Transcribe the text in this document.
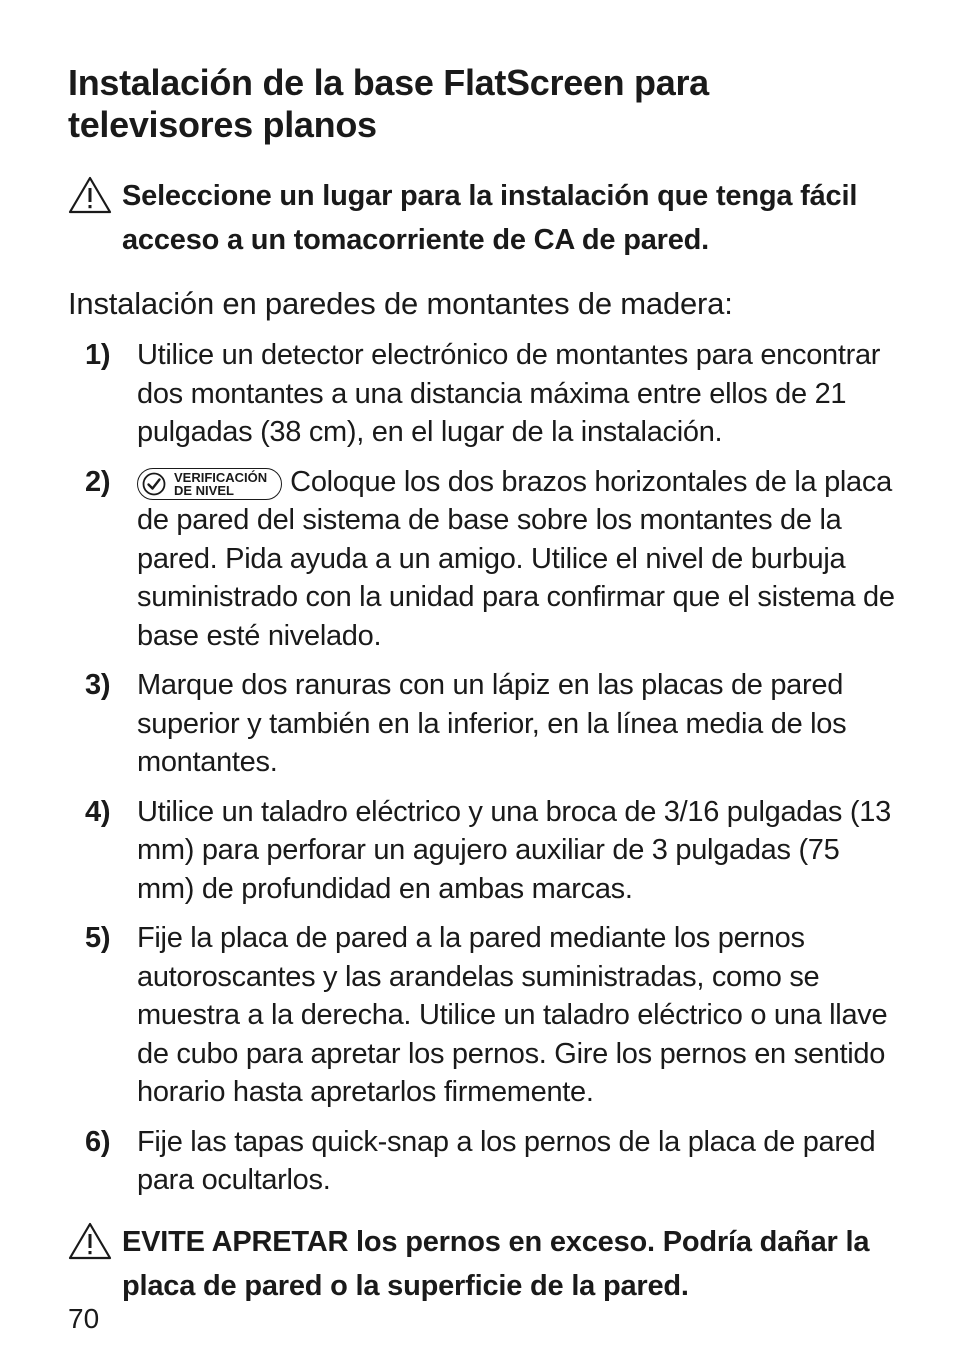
Instalación de la base FlatScreen para televisores planos
Seleccione un lugar para la instalación que tenga fácil acceso a un tomacorriente de CA de pared.
Instalación en paredes de montantes de madera:
1) Utilice un detector electrónico de montantes para encontrar dos montantes a una distancia máxima entre ellos de 21 pulgadas (38 cm), en el lugar de la instalación.
2)	VERIFICACIÓN
DE NIVEL	Coloque los dos brazos horizontales de la placa de pared del sistema de base sobre los montantes de la pared. Pida ayuda a un amigo. Utilice el nivel de burbuja suministrado con la unidad para confirmar que el sistema de base esté nivelado.
3) Marque dos ranuras con un lápiz en las placas de pared superior y también en la inferior, en la línea media de los montantes.
4) Utilice un taladro eléctrico y una broca de 3/16 pulgadas (13 mm) para perforar un agujero auxiliar de 3 pulgadas (75 mm) de profundidad en ambas marcas.
5) Fije la placa de pared a la pared mediante los pernos autoroscantes y las arandelas suministradas, como se muestra a la derecha. Utilice un taladro eléctrico o una llave de cubo para apretar los pernos. Gire los pernos en sentido horario hasta apretarlos firmemente.
6) Fije las tapas quick-snap a los pernos de la placa de pared para ocultarlos.
EVITE APRETAR los pernos en exceso. Podría dañar la placa de pared o la superficie de la pared.
70
